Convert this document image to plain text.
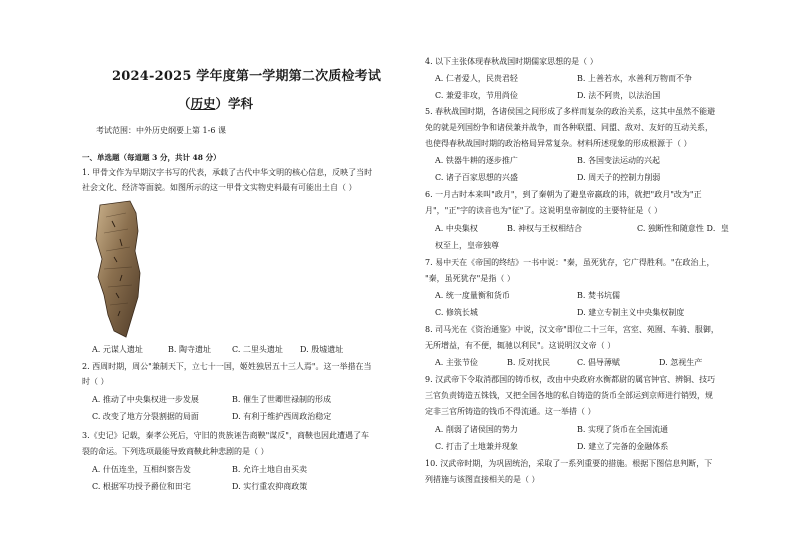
2024-2025 学年度第一学期第二次质检考试
（历史）学科
考试范围：中外历史纲要上第 1-6 课
一、单选题（每道题 3 分，共计 48 分）
1. 甲骨文作为早期汉字书写的代表，承载了古代中华文明的核心信息，反映了当时
社会文化、经济等面貌。如图所示的这一甲骨文实物史料最有可能出土自（ ）
A. 元谋人遗址	B. 陶寺遗址	C. 二里头遗址 D. 殷墟遗址
2. 西周时期，周公"兼制天下，立七十一国，姬姓独居五十三人焉"。这一举措在当
时（ ）
A. 推动了中央集权进一步发展	B. 催生了世卿世禄制的形成
C. 改变了地方分裂割据的局面	D. 有利于维护西周政治稳定
3.《史记》记载，秦孝公死后，守旧的贵族诬告商鞅"谋反"，商鞅也因此遭遇了车
裂的命运。下列选项最能导致商鞅此种悲剧的是（ ）
A. 什伍连坐，互相纠察告发	B. 允许土地自由买卖
C. 根据军功授予爵位和田宅	D. 实行重农抑商政策
4. 以下主张体现春秋战国时期儒家思想的是（ ）
A. 仁者爱人，民贵君轻	B. 上善若水，水善利万物而不争
C. 兼爱非攻，节用尚俭	D. 法不阿贵，以法治国
5. 春秋战国时期，各诸侯国之间形成了多样而复杂的政治关系，这其中虽然不能避
免的就是列国纷争和诸侯兼并战争，而各种联盟、同盟、敌对、友好的互动关系，
也使得春秋战国时期的政治格局异常复杂。材料所述现象的形成根源于（ ）
A. 铁器牛耕的逐步推广	B. 各国变法运动的兴起
C. 诸子百家思想的兴盛	D. 周天子的控制力削弱
6. 一月古时本来叫"政月"，到了秦朝为了避皇帝嬴政的讳，就把"政月"改为"正
月"，"正"字的读音也为"征"了。这说明皇帝制度的主要特征是（ ）
A. 中央集权	B. 神权与王权相结合	C. 独断性和随意性 D．皇
权至上，皇帝独尊
7. 易中天在《帝国的终结》一书中说："秦，虽死犹存，它广得胜利。"在政治上，
"秦，虽死犹存"是指（ ）
A. 统一度量衡和货币	B. 焚书坑儒
C. 修筑长城	D. 建立专制主义中央集权制度
8. 司马光在《资治通鉴》中说，汉文帝"即位二十三年，宫室、苑囿、车骑、服御，
无所增益，有不便，辄驰以利民"。这说明汉文帝（ ）
A. 主张节俭	B. 反对扰民	C. 倡导薄赋	D. 忽视生产
9. 汉武帝下令取消郡国的铸币权，改由中央政府水衡都尉的属官钟官、辨铜、技巧
三官负责铸造五铢钱，又把全国各地的私自铸造的货币全部运到京师进行销毁，规
定非三官所铸造的钱币不得流通。这一举措（ ）
A. 削弱了诸侯国的势力	B. 实现了货币在全国流通
C. 打击了土地兼并现象	D. 建立了完备的金融体系
10. 汉武帝时期，为巩固统治，采取了一系列重要的措施。根据下图信息判断，下
列措施与该图直接相关的是（ ）
